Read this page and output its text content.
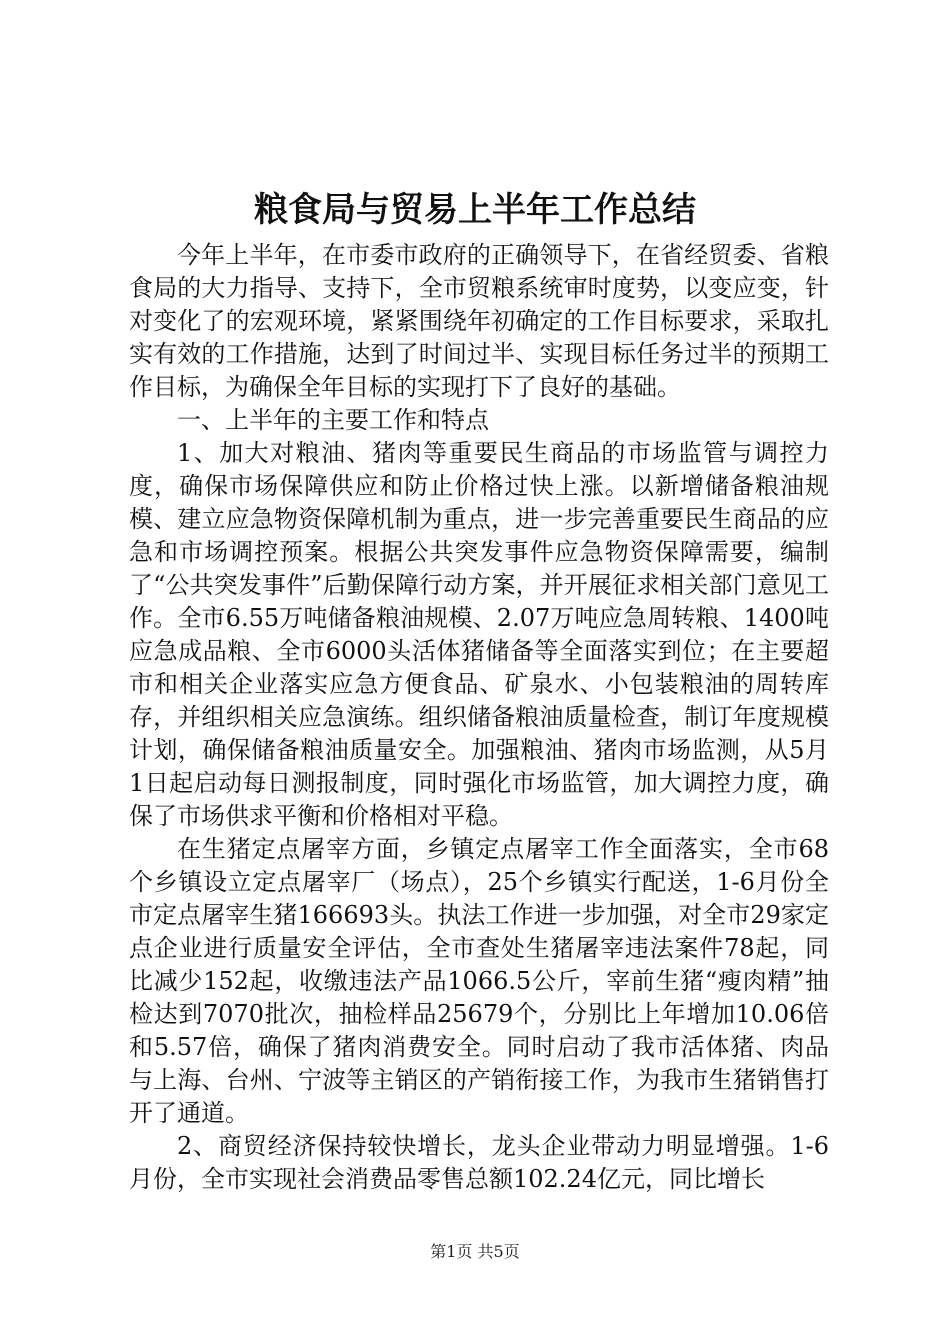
粮食局与贸易上半年工作总结

今年上半年，在市委市政府的正确领导下，在省经贸委、省粮食局的大力指导、支持下，全市贸粮系统审时度势，以变应变，针对变化了的宏观环境，紧紧围绕年初确定的工作目标要求，采取扎实有效的工作措施，达到了时间过半、实现目标任务过半的预期工作目标，为确保全年目标的实现打下了良好的基础。

一、上半年的主要工作和特点

1、加大对粮油、猪肉等重要民生商品的市场监管与调控力度，确保市场保障供应和防止价格过快上涨。以新增储备粮油规模、建立应急物资保障机制为重点，进一步完善重要民生商品的应急和市场调控预案。根据公共突发事件应急物资保障需要，编制了“公共突发事件”后勤保障行动方案，并开展征求相关部门意见工作。全市6.55万吨储备粮油规模、2.07万吨应急周转粮、1400吨应急成品粮、全市6000头活体猪储备等全面落实到位；在主要超市和相关企业落实应急方便食品、矿泉水、小包装粮油的周转库存，并组织相关应急演练。组织储备粮油质量检查，制订年度规模计划，确保储备粮油质量安全。加强粮油、猪肉市场监测，从5月1日起启动每日测报制度，同时强化市场监管，加大调控力度，确保了市场供求平衡和价格相对平稳。

在生猪定点屠宰方面，乡镇定点屠宰工作全面落实，全市68个乡镇设立定点屠宰厂（场点），25个乡镇实行配送，1-6月份全市定点屠宰生猪166693头。执法工作进一步加强，对全市29家定点企业进行质量安全评估，全市查处生猪屠宰违法案件78起，同比减少152起，收缴违法产品1066.5公斤，宰前生猪“瘦肉精”抽检达到7070批次，抽检样品25679个，分别比上年增加10.06倍和5.57倍，确保了猪肉消费安全。同时启动了我市活体猪、肉品与上海、台州、宁波等主销区的产销衔接工作，为我市生猪销售打开了通道。

2、商贸经济保持较快增长，龙头企业带动力明显增强。1-6月份，全市实现社会消费品零售总额102.24亿元，同比增长

第1页 共5页
